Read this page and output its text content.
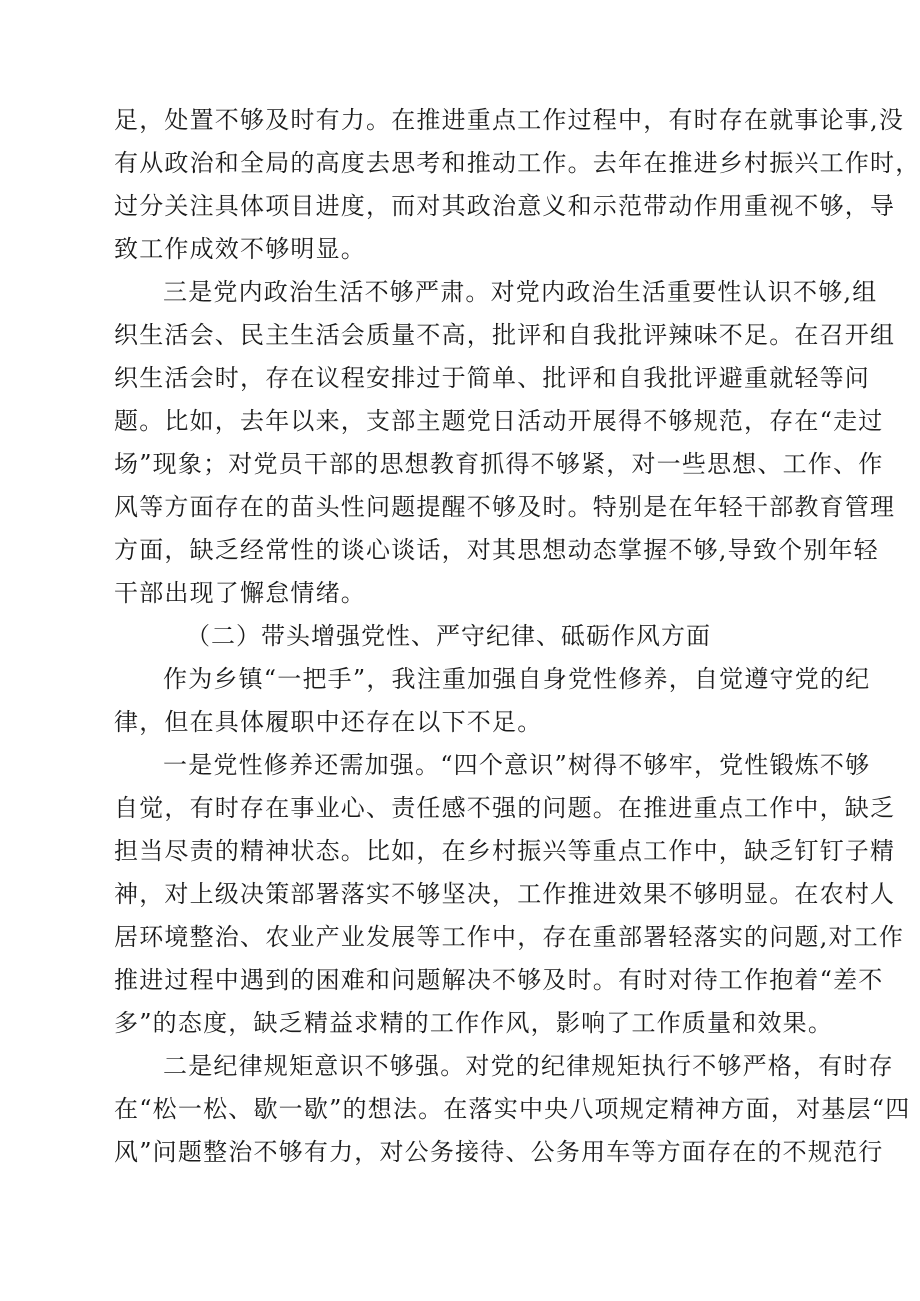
足，处置不够及时有力。在推进重点工作过程中，有时存在就事论事,没
有从政治和全局的高度去思考和推动工作。去年在推进乡村振兴工作时，
过分关注具体项目进度，而对其政治意义和示范带动作用重视不够，导
致工作成效不够明显。
三是党内政治生活不够严肃。对党内政治生活重要性认识不够,组
织生活会、民主生活会质量不高，批评和自我批评辣味不足。在召开组
织生活会时，存在议程安排过于简单、批评和自我批评避重就轻等问
题。比如，去年以来，支部主题党日活动开展得不够规范，存在“走过
场”现象；对党员干部的思想教育抓得不够紧，对一些思想、工作、作
风等方面存在的苗头性问题提醒不够及时。特别是在年轻干部教育管理
方面，缺乏经常性的谈心谈话，对其思想动态掌握不够,导致个别年轻
干部出现了懈怠情绪。
（二）带头增强党性、严守纪律、砥砺作风方面
作为乡镇“一把手”，我注重加强自身党性修养，自觉遵守党的纪
律，但在具体履职中还存在以下不足。
一是党性修养还需加强。“四个意识”树得不够牢，党性锻炼不够
自觉，有时存在事业心、责任感不强的问题。在推进重点工作中，缺乏
担当尽责的精神状态。比如，在乡村振兴等重点工作中，缺乏钉钉子精
神，对上级决策部署落实不够坚决，工作推进效果不够明显。在农村人
居环境整治、农业产业发展等工作中，存在重部署轻落实的问题,对工作
推进过程中遇到的困难和问题解决不够及时。有时对待工作抱着“差不
多”的态度，缺乏精益求精的工作作风，影响了工作质量和效果。
二是纪律规矩意识不够强。对党的纪律规矩执行不够严格，有时存
在“松一松、歇一歇”的想法。在落实中央八项规定精神方面，对基层“四
风”问题整治不够有力，对公务接待、公务用车等方面存在的不规范行
